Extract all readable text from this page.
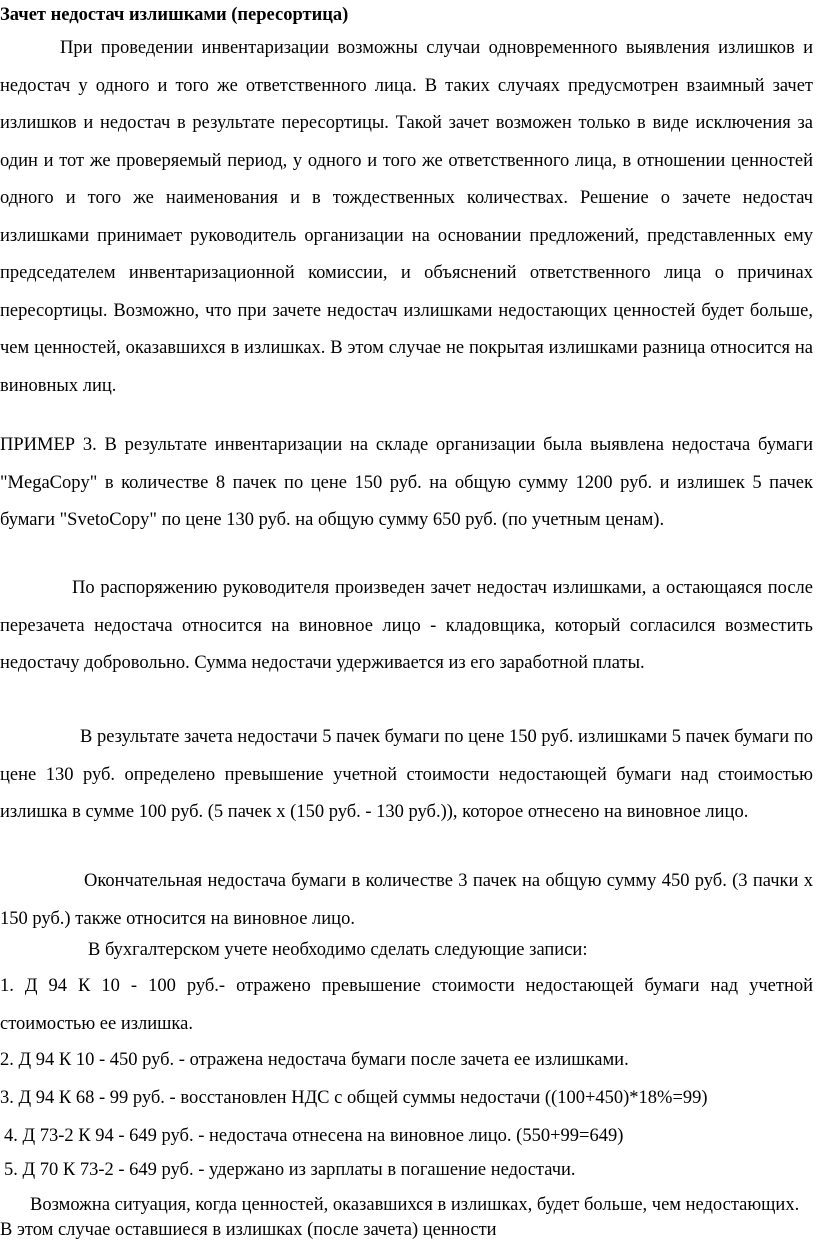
Зачет недостач излишками (пересортица)

При проведении инвентаризации возможны случаи одновременного выявления излишков и недостач у одного и того же ответственного лица. В таких случаях предусмотрен взаимный зачет излишков и недостач в результате пересортицы. Такой зачет возможен только в виде исключения за один и тот же проверяемый период, у одного и того же ответственного лица, в отношении ценностей одного и того же наименования и в тождественных количествах. Решение о зачете недостач излишками принимает руководитель организации на основании предложений, представленных ему председателем инвентаризационной комиссии, и объяснений ответственного лица о причинах пересортицы. Возможно, что при зачете недостач излишками недостающих ценностей будет больше, чем ценностей, оказавшихся в излишках. В этом случае не покрытая излишками разница относится на виновных лиц.

ПРИМЕР 3. В результате инвентаризации на складе организации была выявлена недостача бумаги "MegaCopy" в количестве 8 пачек по цене 150 руб. на общую сумму 1200 руб. и излишек 5 пачек бумаги "SvetoCopy" по цене 130 руб. на общую сумму 650 руб. (по учетным ценам).

По распоряжению руководителя произведен зачет недостач излишками, а остающаяся после перезачета недостача относится на виновное лицо - кладовщика, который согласился возместить недостачу добровольно. Сумма недостачи удерживается из его заработной платы.

В результате зачета недостачи 5 пачек бумаги по цене 150 руб. излишками 5 пачек бумаги по цене 130 руб. определено превышение учетной стоимости недостающей бумаги над стоимостью излишка в сумме 100 руб. (5 пачек х (150 руб. - 130 руб.)), которое отнесено на виновное лицо.

Окончательная недостача бумаги в количестве 3 пачек на общую сумму 450 руб. (3 пачки х 150 руб.) также относится на виновное лицо.

В бухгалтерском учете необходимо сделать следующие записи:

1. Д 94 К 10 - 100 руб.- отражено превышение стоимости недостающей бумаги над учетной стоимостью ее излишка.

2. Д 94 К 10 - 450 руб. - отражена недостача бумаги после зачета ее излишками.

3. Д 94 К 68 - 99 руб. - восстановлен НДС с общей суммы недостачи ((100+450)*18%=99)

4. Д 73-2 К 94 - 649 руб. - недостача отнесена на виновное лицо. (550+99=649)

5. Д 70 К 73-2 - 649 руб. - удержано из зарплаты в погашение недостачи.

Возможна ситуация, когда ценностей, оказавшихся в излишках, будет больше, чем недостающих. В этом случае оставшиеся в излишках (после зачета) ценности
